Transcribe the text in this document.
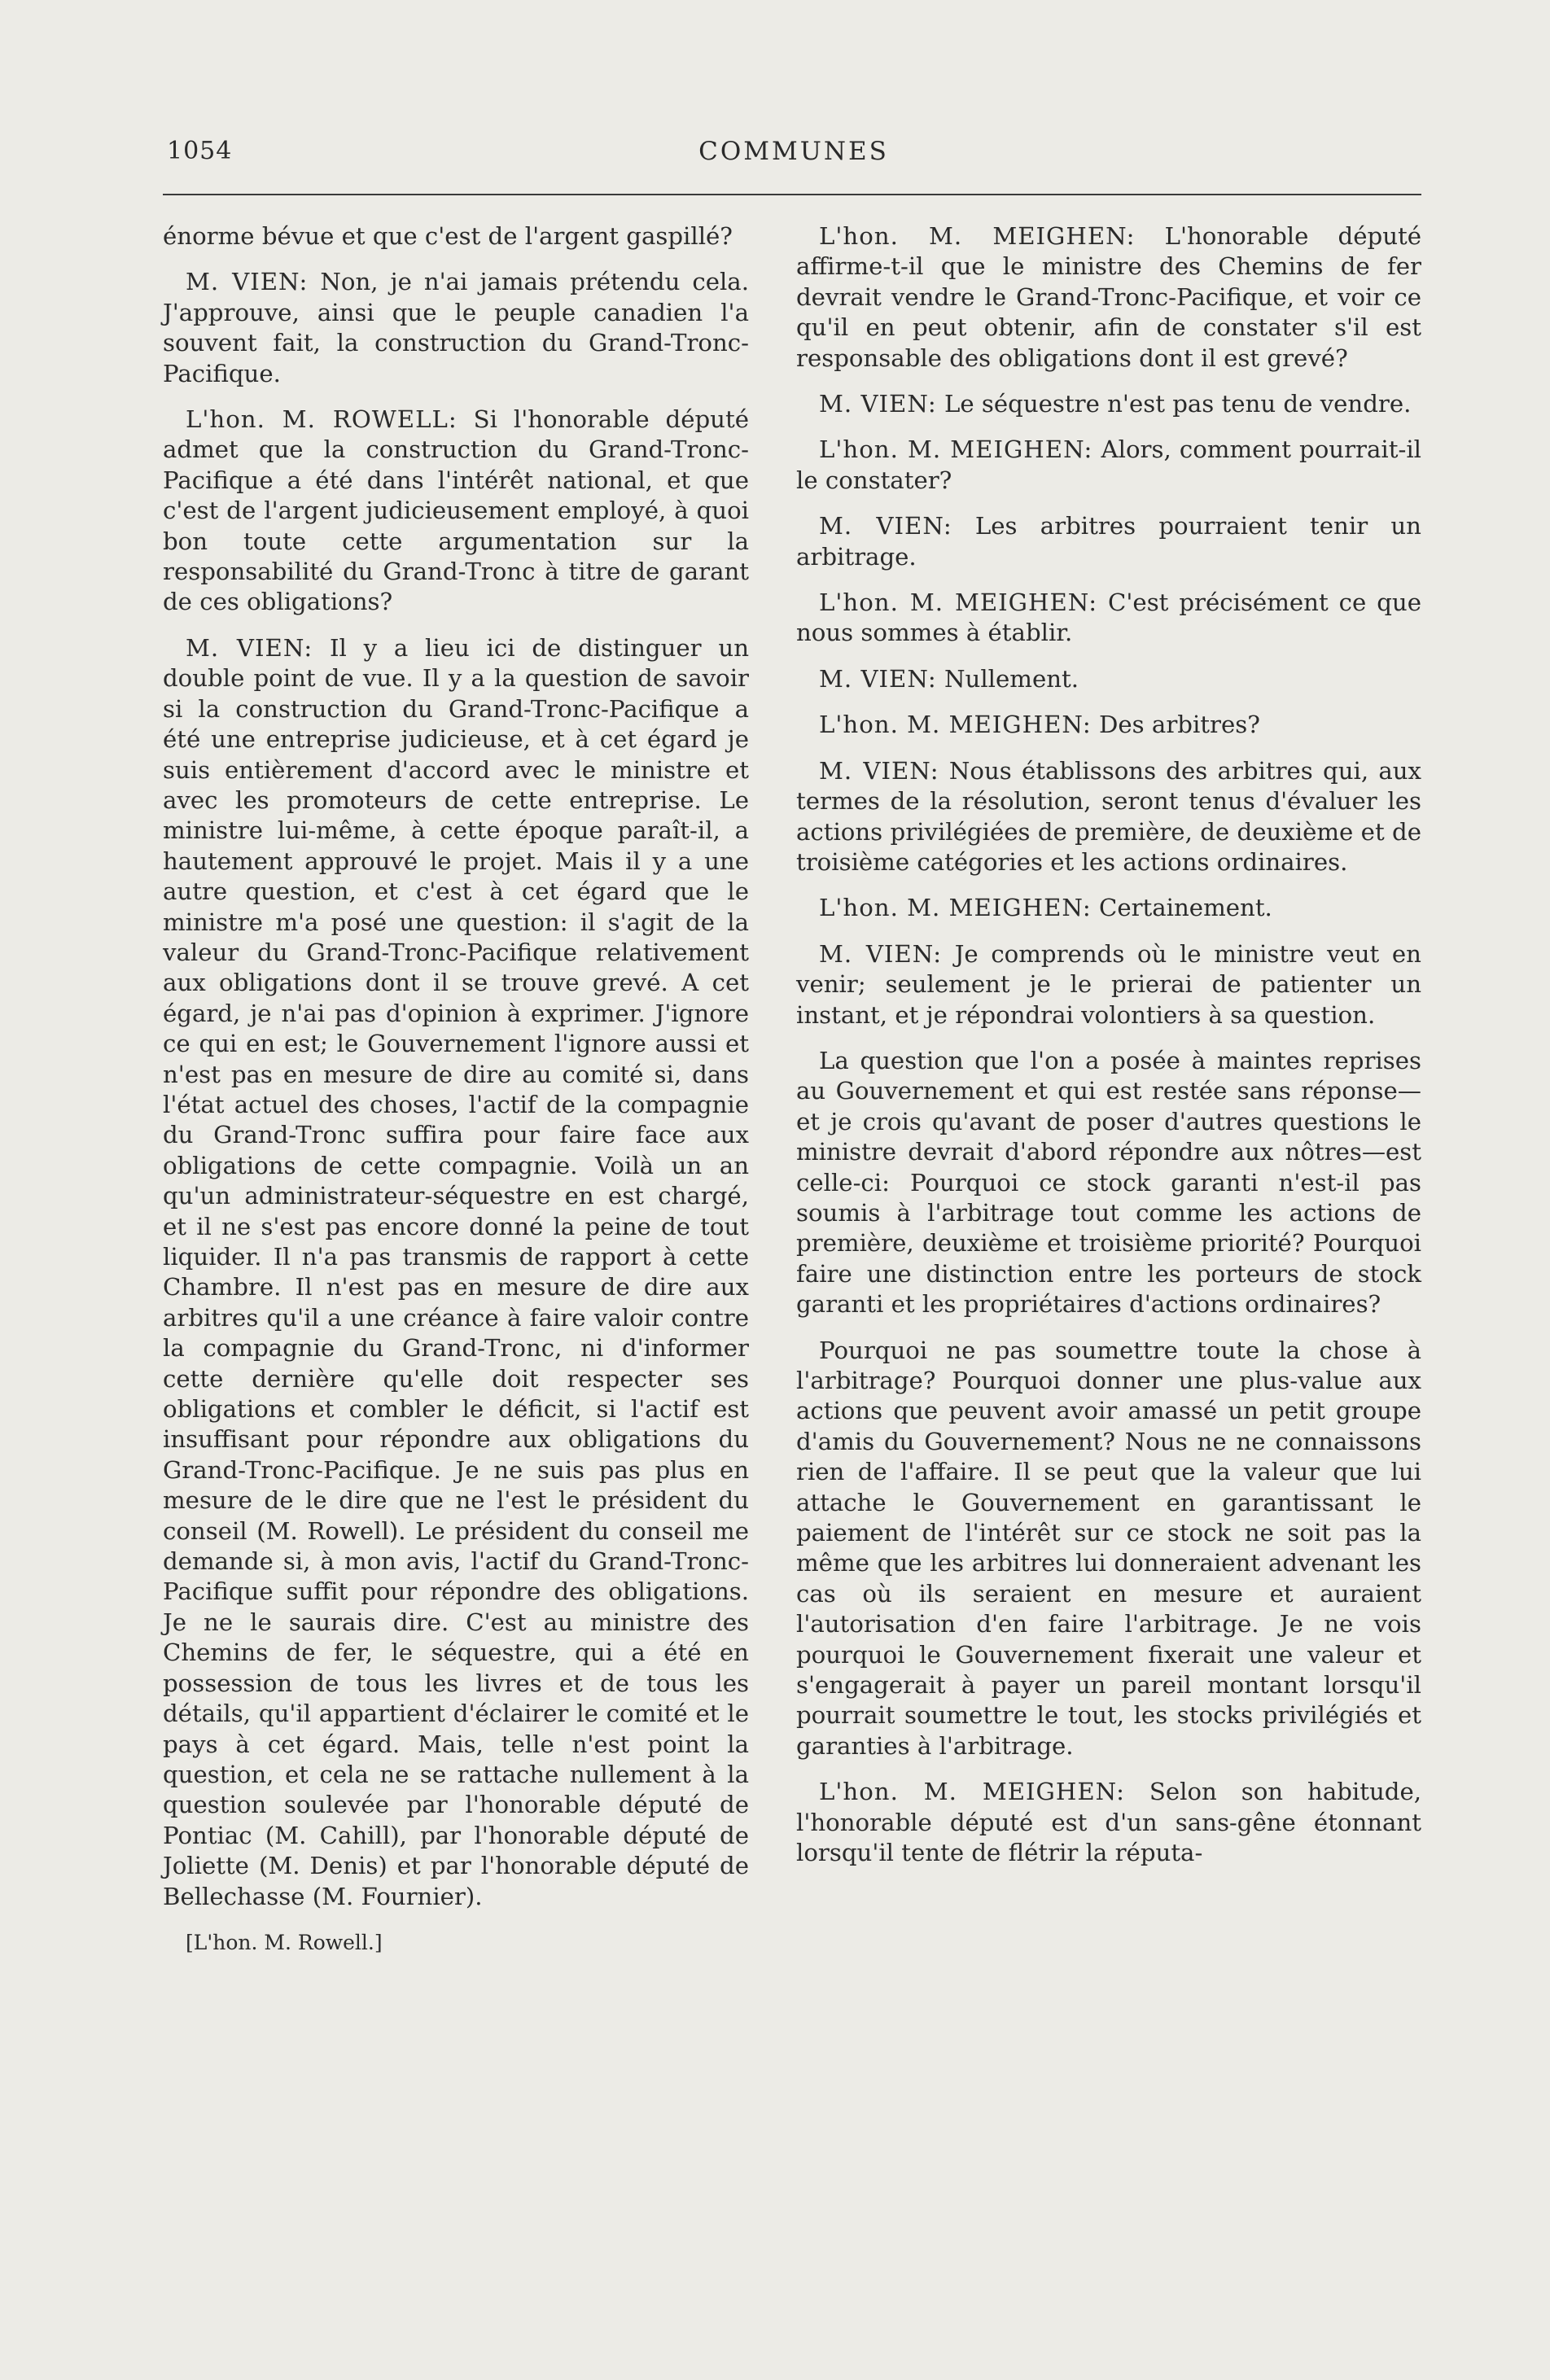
1054	COMMUNES

énorme bévue et que c'est de l'argent gaspillé?

M. VIEN: Non, je n'ai jamais prétendu cela. J'approuve, ainsi que le peuple canadien l'a souvent fait, la construction du Grand-Tronc-Pacifique.

L'hon. M. ROWELL: Si l'honorable député admet que la construction du Grand-Tronc-Pacifique a été dans l'intérêt national, et que c'est de l'argent judicieusement employé, à quoi bon toute cette argumentation sur la responsabilité du Grand-Tronc à titre de garant de ces obligations?

M. VIEN: Il y a lieu ici de distinguer un double point de vue. Il y a la question de savoir si la construction du Grand-Tronc-Pacifique a été une entreprise judicieuse, et à cet égard je suis entièrement d'accord avec le ministre et avec les promoteurs de cette entreprise. Le ministre lui-même, à cette époque paraît-il, a hautement approuvé le projet. Mais il y a une autre question, et c'est à cet égard que le ministre m'a posé une question: il s'agit de la valeur du Grand-Tronc-Pacifique relativement aux obligations dont il se trouve grevé. A cet égard, je n'ai pas d'opinion à exprimer. J'ignore ce qui en est; le Gouvernement l'ignore aussi et n'est pas en mesure de dire au comité si, dans l'état actuel des choses, l'actif de la compagnie du Grand-Tronc suffira pour faire face aux obligations de cette compagnie. Voilà un an qu'un administrateur-séquestre en est chargé, et il ne s'est pas encore donné la peine de tout liquider. Il n'a pas transmis de rapport à cette Chambre. Il n'est pas en mesure de dire aux arbitres qu'il a une créance à faire valoir contre la compagnie du Grand-Tronc, ni d'informer cette dernière qu'elle doit respecter ses obligations et combler le déficit, si l'actif est insuffisant pour répondre aux obligations du Grand-Tronc-Pacifique. Je ne suis pas plus en mesure de le dire que ne l'est le président du conseil (M. Rowell). Le président du conseil me demande si, à mon avis, l'actif du Grand-Tronc-Pacifique suffit pour répondre des obligations. Je ne le saurais dire. C'est au ministre des Chemins de fer, le séquestre, qui a été en possession de tous les livres et de tous les détails, qu'il appartient d'éclairer le comité et le pays à cet égard. Mais, telle n'est point la question, et cela ne se rattache nullement à la question soulevée par l'honorable député de Pontiac (M. Cahill), par l'honorable député de Joliette (M. Denis) et par l'honorable député de Bellechasse (M. Fournier).

[L'hon. M. Rowell.]

L'hon. M. MEIGHEN: L'honorable député affirme-t-il que le ministre des Chemins de fer devrait vendre le Grand-Tronc-Pacifique, et voir ce qu'il en peut obtenir, afin de constater s'il est responsable des obligations dont il est grevé?

M. VIEN: Le séquestre n'est pas tenu de vendre.

L'hon. M. MEIGHEN: Alors, comment pourrait-il le constater?

M. VIEN: Les arbitres pourraient tenir un arbitrage.

L'hon. M. MEIGHEN: C'est précisément ce que nous sommes à établir.

M. VIEN: Nullement.

L'hon. M. MEIGHEN: Des arbitres?

M. VIEN: Nous établissons des arbitres qui, aux termes de la résolution, seront tenus d'évaluer les actions privilégiées de première, de deuxième et de troisième catégories et les actions ordinaires.

L'hon. M. MEIGHEN: Certainement.

M. VIEN: Je comprends où le ministre veut en venir; seulement je le prierai de patienter un instant, et je répondrai volontiers à sa question.

La question que l'on a posée à maintes reprises au Gouvernement et qui est restée sans réponse—et je crois qu'avant de poser d'autres questions le ministre devrait d'abord répondre aux nôtres—est celle-ci: Pourquoi ce stock garanti n'est-il pas soumis à l'arbitrage tout comme les actions de première, deuxième et troisième priorité? Pourquoi faire une distinction entre les porteurs de stock garanti et les propriétaires d'actions ordinaires?

Pourquoi ne pas soumettre toute la chose à l'arbitrage? Pourquoi donner une plus-value aux actions que peuvent avoir amassé un petit groupe d'amis du Gouvernement? Nous ne ne connaissons rien de l'affaire. Il se peut que la valeur que lui attache le Gouvernement en garantissant le paiement de l'intérêt sur ce stock ne soit pas la même que les arbitres lui donneraient advenant les cas où ils seraient en mesure et auraient l'autorisation d'en faire l'arbitrage. Je ne vois pourquoi le Gouvernement fixerait une valeur et s'engagerait à payer un pareil montant lorsqu'il pourrait soumettre le tout, les stocks privilégiés et garanties à l'arbitrage.

L'hon. M. MEIGHEN: Selon son habitude, l'honorable député est d'un sans-gêne étonnant lorsqu'il tente de flétrir la réputa-
